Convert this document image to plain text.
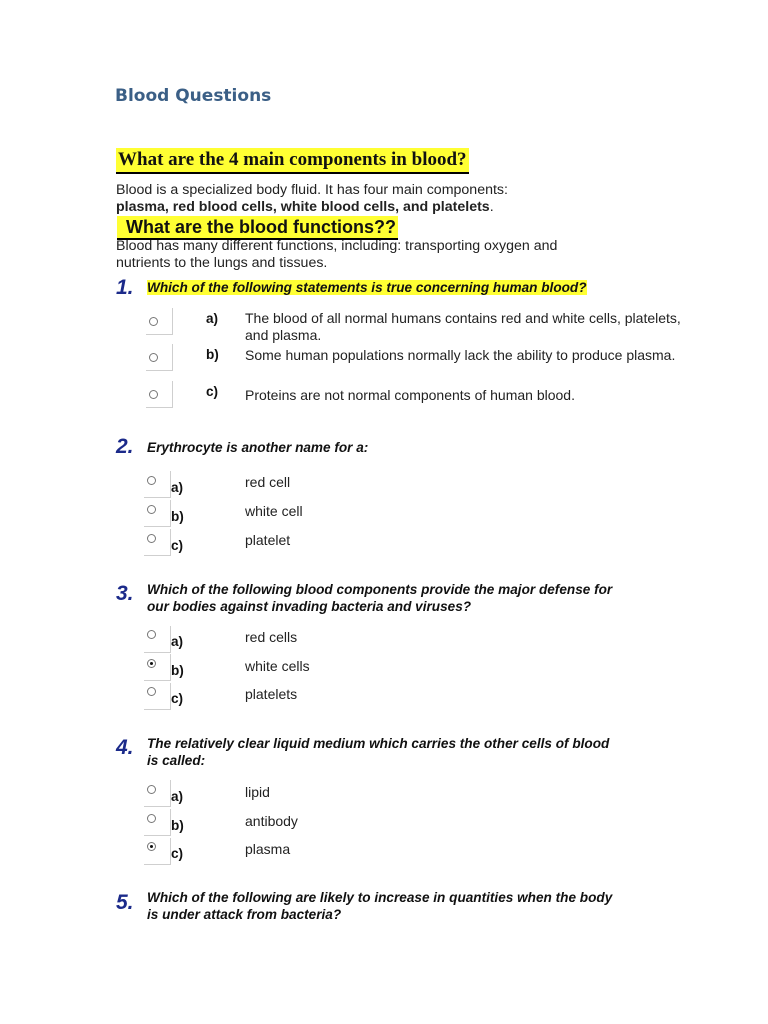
Blood Questions
What are the 4 main components in blood?
Blood is a specialized body fluid. It has four main components:
plasma, red blood cells, white blood cells, and platelets.
What are the blood functions??
Blood has many different functions, including: transporting oxygen and
nutrients to the lungs and tissues.
1. Which of the following statements is true concerning human blood?
a) The blood of all normal humans contains red and white cells, platelets, and plasma.
b) Some human populations normally lack the ability to produce plasma.
c) Proteins are not normal components of human blood.
2. Erythrocyte is another name for a:
a)	red cell
b)	white cell
c)	platelet
3. Which of the following blood components provide the major defense for
our bodies against invading bacteria and viruses?
a)	red cells
b)	white cells
c)	platelets
4. The relatively clear liquid medium which carries the other cells of blood
is called:
a)	lipid
b)	antibody
c)	plasma
5. Which of the following are likely to increase in quantities when the body
is under attack from bacteria?
